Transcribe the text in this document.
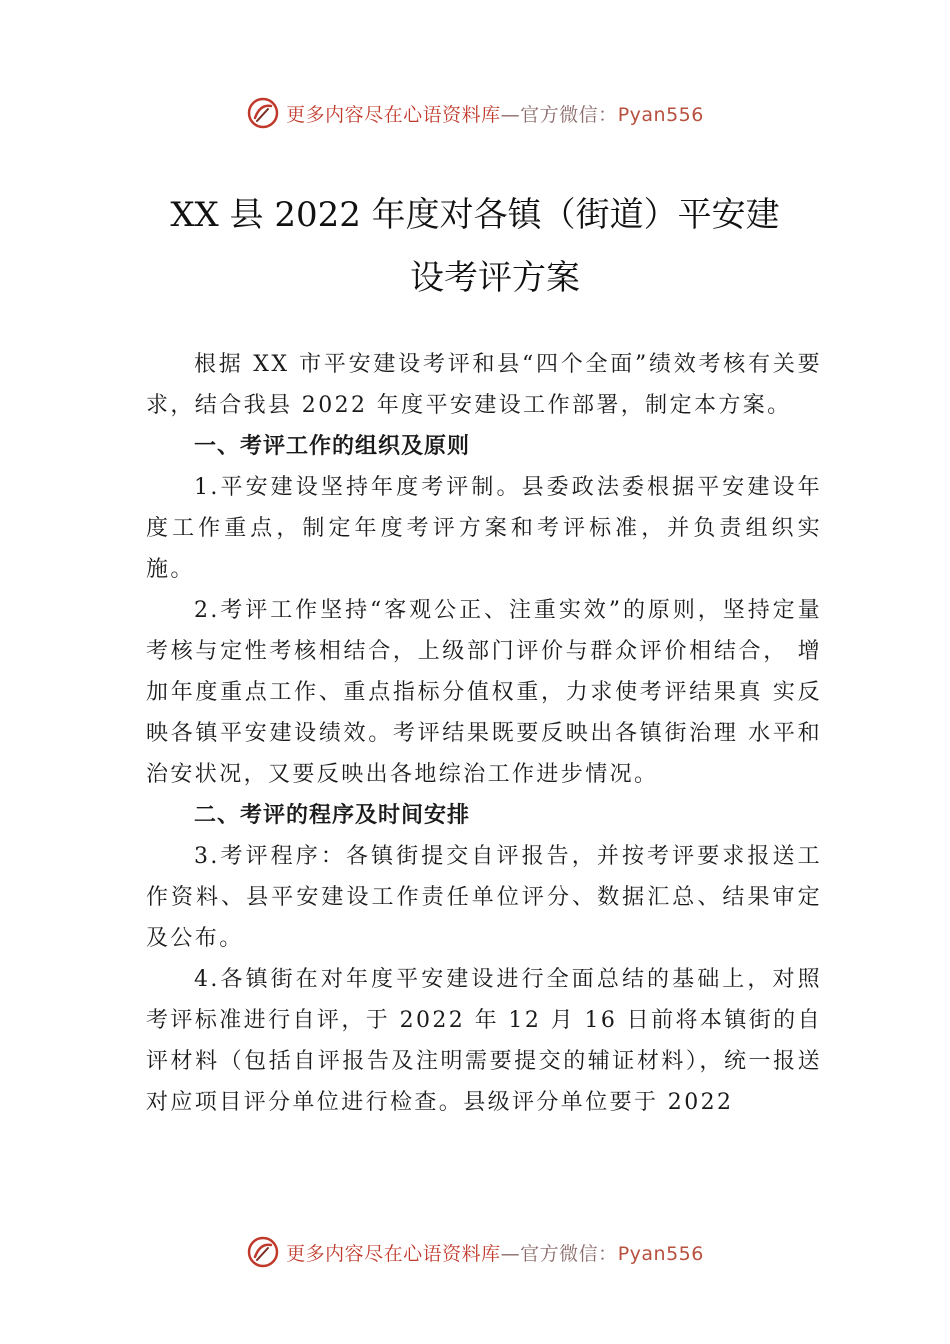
更多内容尽在心语资料库—官方微信：Pyan556
XX 县 2022 年度对各镇（街道）平安建
设考评方案

根据 XX 市平安建设考评和县“四个全面”绩效考核有关要求，结合我县 2022 年度平安建设工作部署，制定本方案。

一、考评工作的组织及原则

1.平安建设坚持年度考评制。县委政法委根据平安建设年度工作重点，制定年度考评方案和考评标准，并负责组织实施。

2.考评工作坚持“客观公正、注重实效”的原则，坚持定量考核与定性考核相结合，上级部门评价与群众评价相结合， 增加年度重点工作、重点指标分值权重，力求使考评结果真 实反映各镇平安建设绩效。考评结果既要反映出各镇街治理 水平和治安状况，又要反映出各地综治工作进步情况。

二、考评的程序及时间安排

3.考评程序：各镇街提交自评报告，并按考评要求报送工作资料、县平安建设工作责任单位评分、数据汇总、结果审定及公布。

4.各镇街在对年度平安建设进行全面总结的基础上，对照考评标准进行自评，于 2022 年 12 月 16 日前将本镇街的自评材料（包括自评报告及注明需要提交的辅证材料），统一报送对应项目评分单位进行检查。县级评分单位要于 2022

更多内容尽在心语资料库—官方微信：Pyan556
